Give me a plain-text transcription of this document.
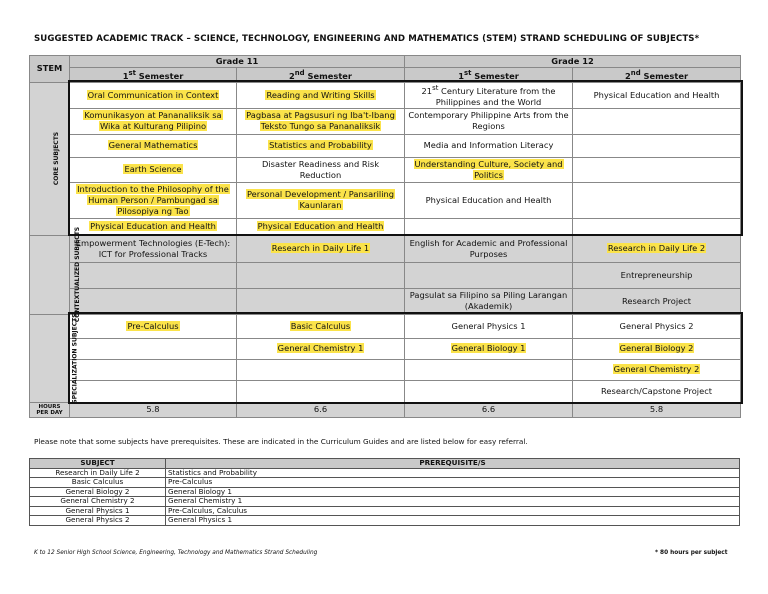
SUGGESTED ACADEMIC TRACK – SCIENCE, TECHNOLOGY, ENGINEERING AND MATHEMATICS (STEM) STRAND SCHEDULING OF SUBJECTS*
STEM	Grade 11		Grade 12	
	1st Semester	2nd Semester	1st Semester	2nd Semester
CORE SUBJECTS	Oral Communication in Context	Reading and Writing Skills	21st Century Literature from the Philippines and the World	Physical Education and Health
	Komunikasyon at Pananaliksik sa Wika at Kulturang Pilipino	Pagbasa at Pagsusuri ng Iba't-Ibang Teksto Tungo sa Pananaliksik	Contemporary Philippine Arts from the Regions	
	General Mathematics	Statistics and Probability	Media and Information Literacy	
	Earth Science	Disaster Readiness and Risk Reduction	Understanding Culture, Society and Politics	
	Introduction to the Philosophy of the Human Person / Pambungad sa Pilosopiya ng Tao	Personal Development / Pansariling Kaunlaran	Physical Education and Health	
	Physical Education and Health	Physical Education and Health		
CONTEXTUALIZED SUBJECTS	Empowerment Technologies (E-Tech): ICT for Professional Tracks	Research in Daily Life 1	English for Academic and Professional Purposes	Research in Daily Life 2
				Entrepreneurship
			Pagsulat sa Filipino sa Piling Larangan (Akademik)	Research Project
SPECIALIZATION SUBJECTS	Pre-Calculus	Basic Calculus	General Physics 1	General Physics 2
		General Chemistry 1	General Biology 1	General Biology 2
				General Chemistry 2
				Research/Capstone Project

HOURS
PER DAY	5.8	6.6	6.6	5.8
Please note that some subjects have prerequisites. These are indicated in the Curriculum Guides and are listed below for easy referral.
SUBJECT	PREREQUISITE/S
Research in Daily Life 2	Statistics and Probability
Basic Calculus	Pre-Calculus
General Biology 2	General Biology 1
General Chemistry 2	General Chemistry 1
General Physics 1	Pre-Calculus, Calculus
General Physics 2	General Physics 1
K to 12 Senior High School Science, Engineering, Technology and Mathematics Strand Scheduling	* 80 hours per subject
